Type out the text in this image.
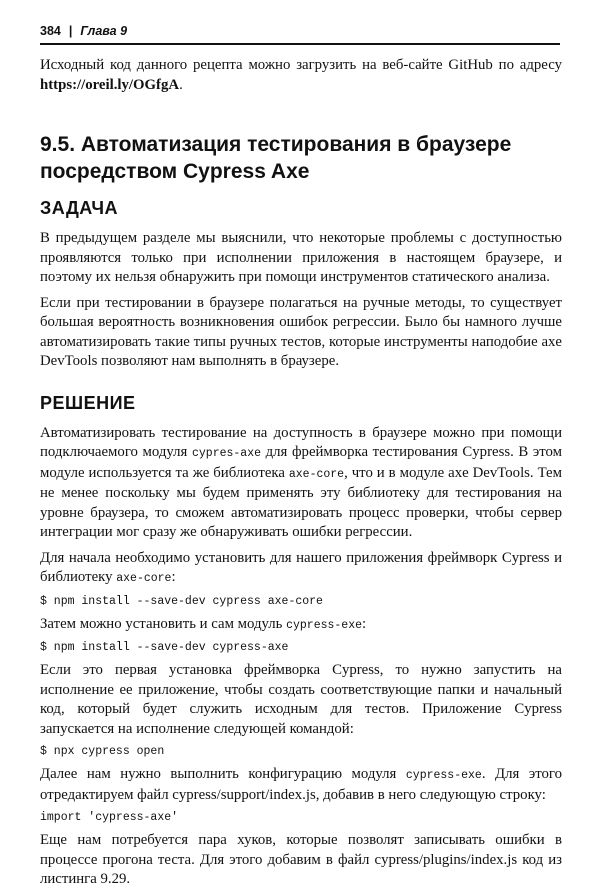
384 | Глава 9

Исходный код данного рецепта можно загрузить на веб-сайте GitHub по адресу https://oreil.ly/OGfgA.

9.5. Автоматизация тестирования в браузере
посредством Cypress Axe
ЗАДАЧА

В предыдущем разделе мы выяснили, что некоторые проблемы с доступностью проявляются только при исполнении приложения в настоящем браузере, и поэтому их нельзя обнаружить при помощи инструментов статического анализа.

Если при тестировании в браузере полагаться на ручные методы, то существует большая вероятность возникновения ошибок регрессии. Было бы намного лучше автоматизировать такие типы ручных тестов, которые инструменты наподобие axe DevTools позволяют нам выполнять в браузере.

РЕШЕНИЕ

Автоматизировать тестирование на доступность в браузере можно при помощи подключаемого модуля cypres-axe для фреймворка тестирования Cypress. В этом модуле используется та же библиотека axe-core, что и в модуле axe DevTools. Тем не менее поскольку мы будем применять эту библиотеку для тестирования на уровне браузера, то сможем автоматизировать процесс проверки, чтобы сервер интеграции мог сразу же обнаруживать ошибки регрессии.

Для начала необходимо установить для нашего приложения фреймворк Cypress и библиотеку axe-core:

$ npm install --save-dev cypress axe-core

Затем можно установить и сам модуль cypress-exe:

$ npm install --save-dev cypress-axe

Если это первая установка фреймворка Cypress, то нужно запустить на исполнение ее приложение, чтобы создать соответствующие папки и начальный код, который будет служить исходным для тестов. Приложение Cypress запускается на исполнение следующей командой:

$ npx cypress open

Далее нам нужно выполнить конфигурацию модуля cypress-exe. Для этого отредактируем файл cypress/support/index.js, добавив в него следующую строку:

import 'cypress-axe'

Еще нам потребуется пара хуков, которые позволят записывать ошибки в процессе прогона теста. Для этого добавим в файл cypress/plugins/index.js код из листинга 9.29.
